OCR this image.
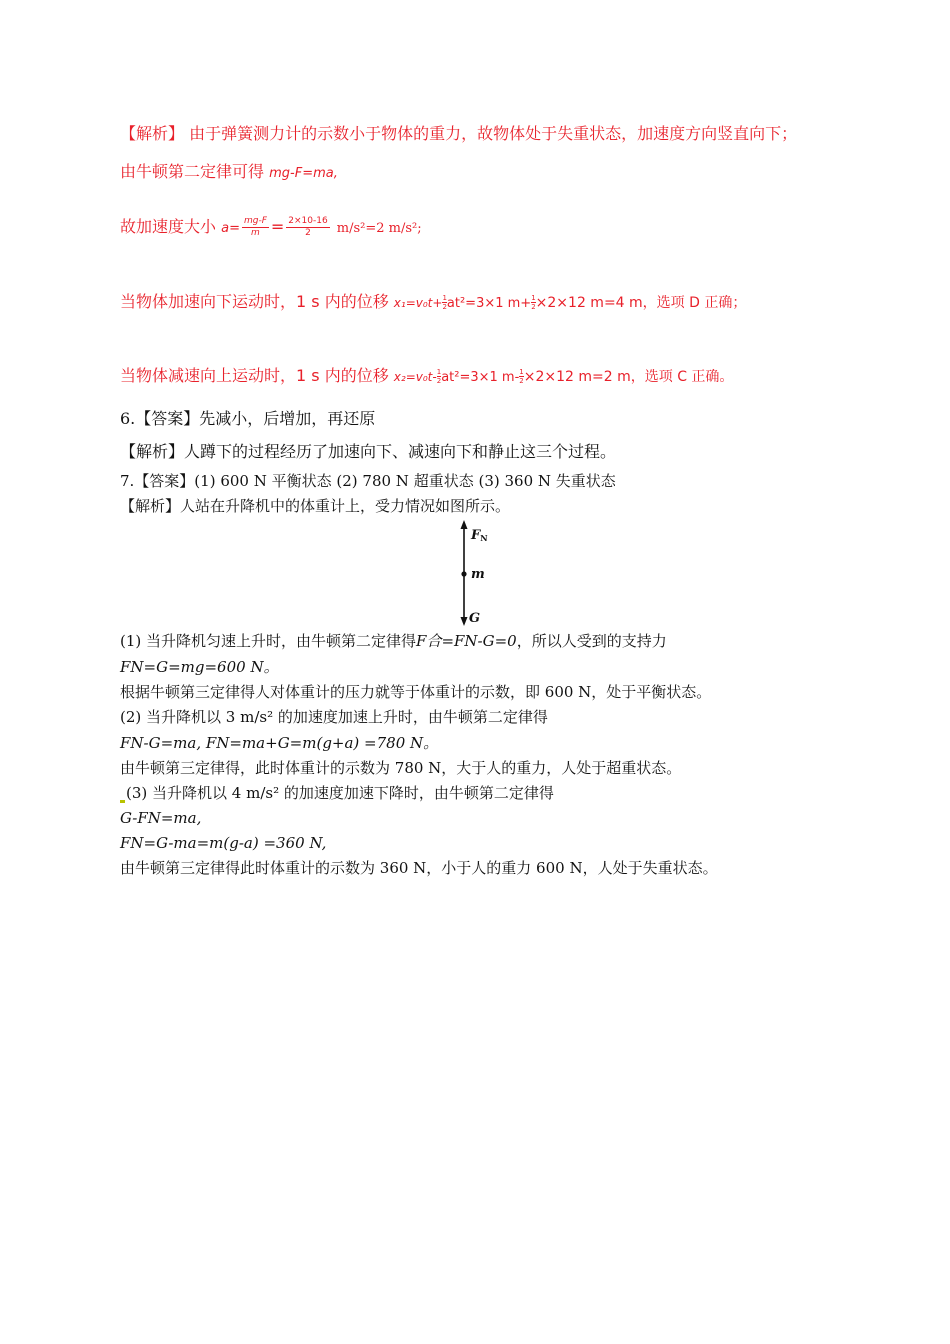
【解析】 由于弹簧测力计的示数小于物体的重力，故物体处于失重状态，加速度方向竖直向下；
由牛顿第二定律可得 mg-F=ma,
故加速度大小 $a= \frac{mg-F}{m} = \frac{2\times 10-16}{2} m/s^2=2$ m/s²;
当物体加速向下运动时，1 s 内的位移 $x_1=v_0t+ \frac{1}{2}at^2=3\times 1$ $m+ \frac{1}{2}\times 2\times 12$ m=4 m，选项 D 正确；
当物体减速向上运动时，1 s 内的位移 $x_2=v_0t- \frac{1}{2}at^2=3\times 1$ $m- \frac{1}{2}\times 2\times 12$ m=2 m，选项 C 正确。
6.【答案】先减小，后增加，再还原
【解析】人蹲下的过程经历了加速向下、减速向下和静止这三个过程。
7.【答案】(1) 600 N 平衡状态 (2) 780 N 超重状态 (3) 360 N 失重状态
【解析】人站在升降机中的体重计上，受力情况如图所示。
FN
m
G
(1) 当升降机匀速上升时，由牛顿第二定律得F合=FN-G=0，所以人受到的支持力
FN=G=mg=600 N。
根据牛顿第三定律得人对体重计的压力就等于体重计的示数，即 600 N，处于平衡状态。
(2) 当升降机以 3 m/s² 的加速度加速上升时，由牛顿第二定律得
FN-G=ma, FN=ma+G=m(g+a) =780 N。
由牛顿第三定律得，此时体重计的示数为 780 N，大于人的重力，人处于超重状态。
(3) 当升降机以 4 m/s² 的加速度加速下降时，由牛顿第二定律得
G-FN=ma,
FN=G-ma=m(g-a) =360 N,
由牛顿第三定律得此时体重计的示数为 360 N，小于人的重力 600 N，人处于失重状态。
